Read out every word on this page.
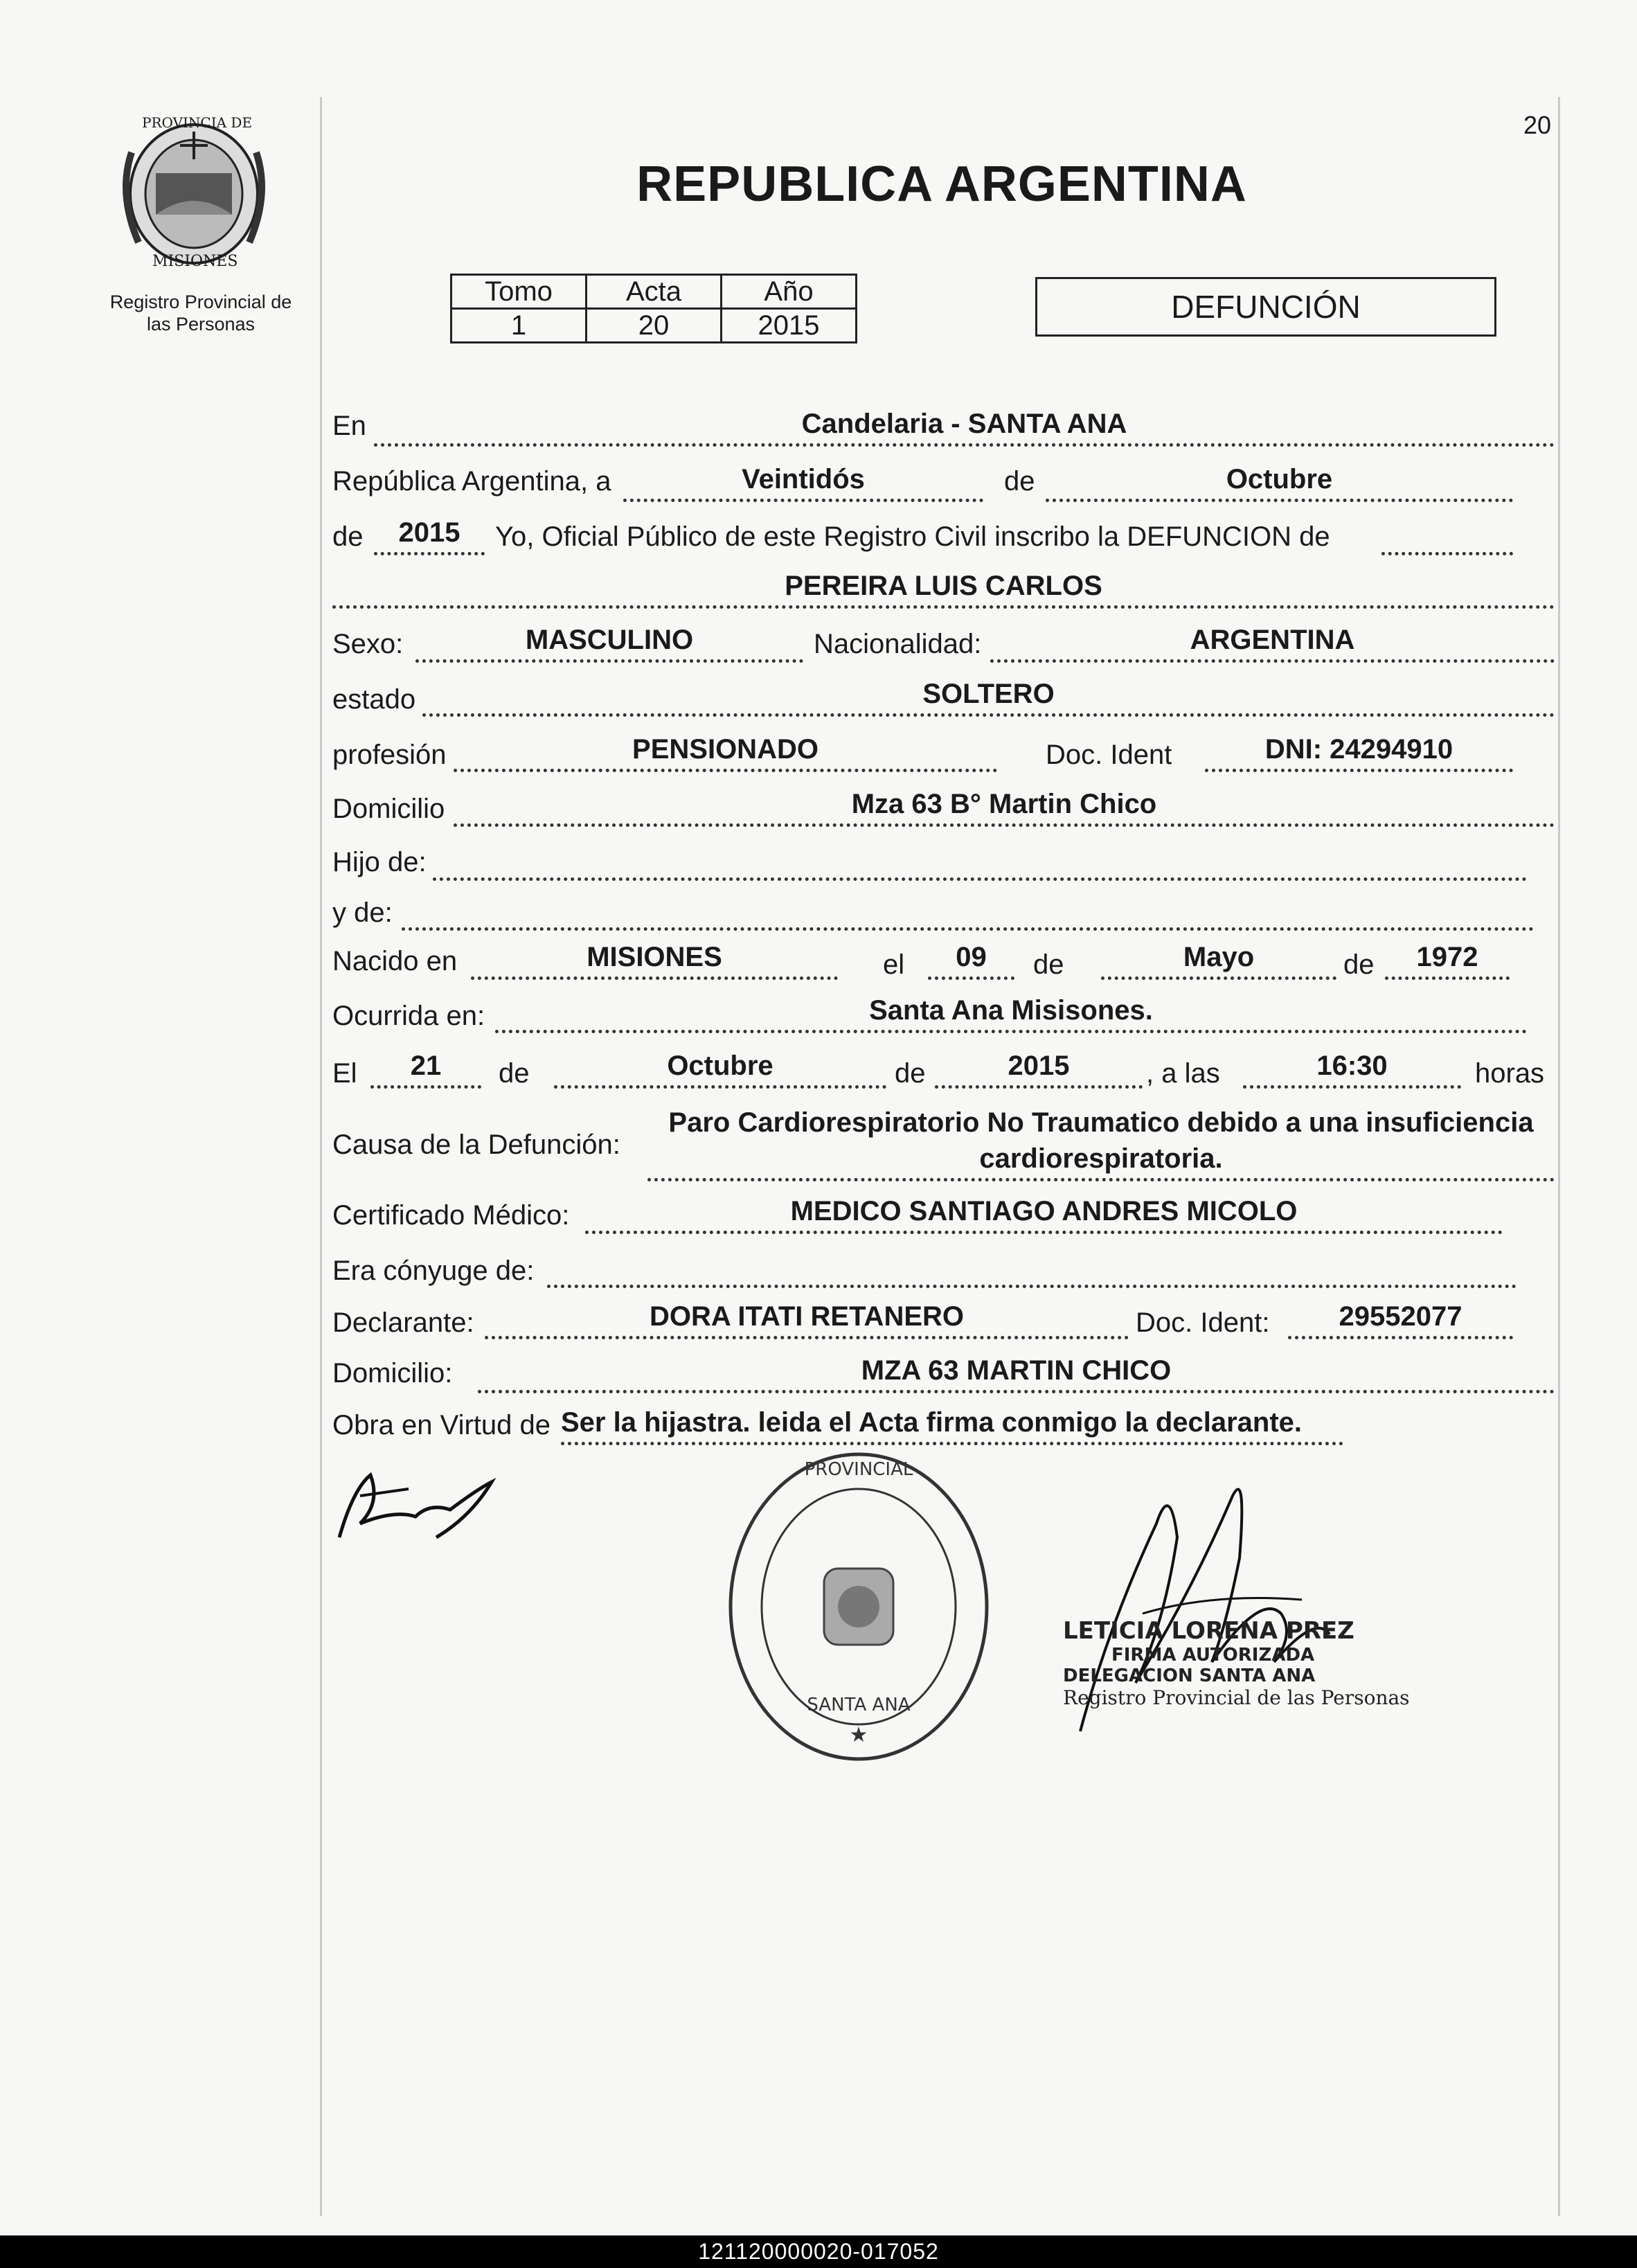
PROVINCIA DE
MISIONES
Registro Provincial de
las Personas
20
REPUBLICA ARGENTINA
Tomo	Acta	Año
1	20	2015
DEFUNCIÓN
En	Candelaria - SANTA ANA
República Argentina, a	Veintidós	de	Octubre
de	2015	Yo, Oficial Público de este Registro Civil inscribo la DEFUNCION de
PEREIRA LUIS CARLOS
Sexo:	MASCULINO	Nacionalidad:	ARGENTINA
estado	SOLTERO
profesión	PENSIONADO	Doc. Ident	DNI: 24294910
Domicilio	Mza 63 B° Martin Chico
Hijo de:
y de:
Nacido en	MISIONES	el	09	de	Mayo	de	1972
Ocurrida en:	Santa Ana Misisones.
El	21	de	Octubre	de	2015	, a las	16:30	horas
Causa de la Defunción:
Paro Cardiorespiratorio No Traumatico debido a una insuficiencia
cardiorespiratoria.
Certificado Médico:	MEDICO SANTIAGO ANDRES MICOLO
Era cónyuge de:
Declarante:	DORA ITATI RETANERO	Doc. Ident:	29552077
Domicilio:	MZA 63 MARTIN CHICO
Obra en Virtud de Ser la hijastra. leida el Acta firma conmigo la declarante.
PROVINCIAL
SANTA ANA
★
LETICIA LORENA PREZ
FIRMA AUTORIZADA
DELEGACION SANTA ANA
Registro Provincial de las Personas
121120000020-017052
